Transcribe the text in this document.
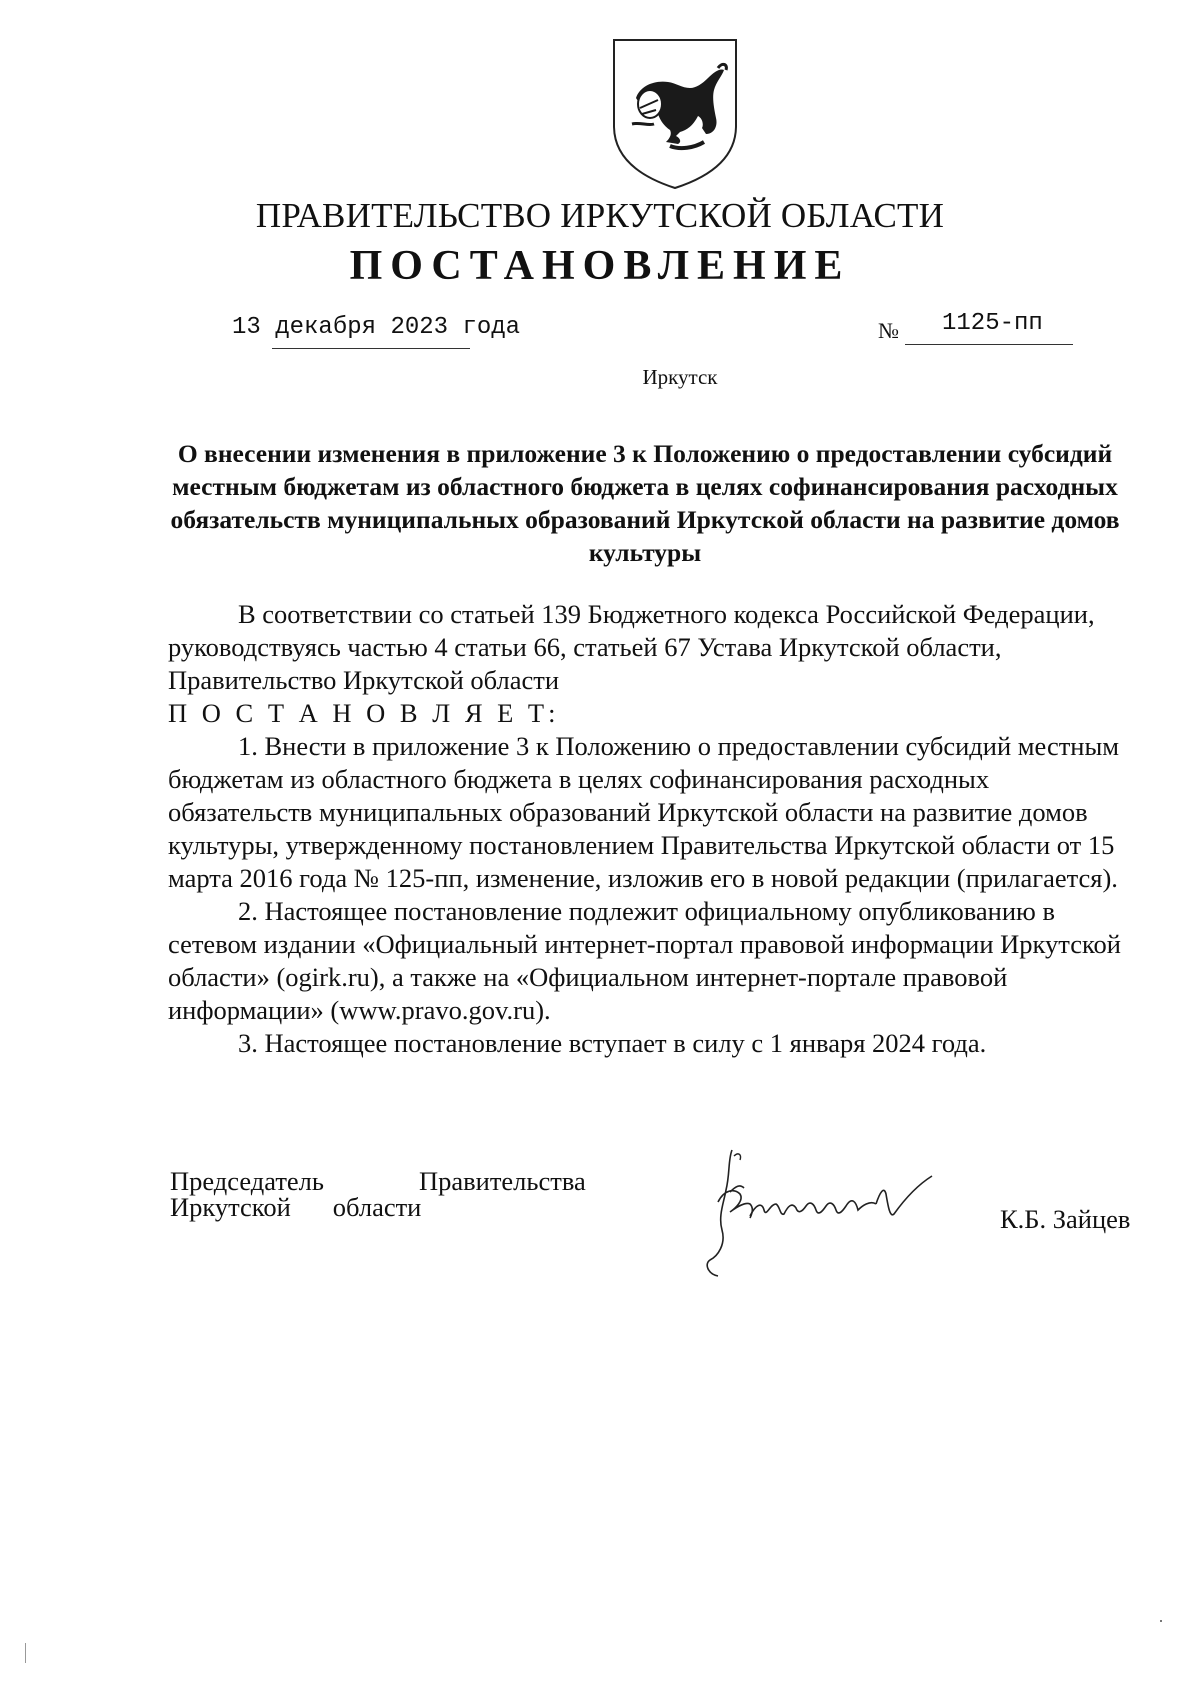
ПРАВИТЕЛЬСТВО ИРКУТСКОЙ ОБЛАСТИ
ПОСТАНОВЛЕНИЕ
13 декабря 2023 года	№ 1125-пп
Иркутск
О внесении изменения в приложение 3 к Положению о предоставлении субсидий местным бюджетам из областного бюджета в целях софинансирования расходных обязательств муниципальных образований Иркутской области на развитие домов культуры

В соответствии со статьей 139 Бюджетного кодекса Российской Федерации, руководствуясь частью 4 статьи 66, статьей 67 Устава Иркутской области, Правительство Иркутской области

П О С Т А Н О В Л Я Е Т:

1. Внести в приложение 3 к Положению о предоставлении субсидий местным бюджетам из областного бюджета в целях софинансирования расходных обязательств муниципальных образований Иркутской области на развитие домов культуры, утвержденному постановлением Правительства Иркутской области от 15 марта 2016 года № 125-пп, изменение, изложив его в новой редакции (прилагается).

2. Настоящее постановление подлежит официальному опубликованию в сетевом издании «Официальный интернет-портал правовой информации Иркутской области» (ogirk.ru), а также на «Официальном интернет-портале правовой информации» (www.pravo.gov.ru).

3. Настоящее постановление вступает в силу с 1 января 2024 года.

Председатель	Правительства
Иркутской области	К.Б. Зайцев
